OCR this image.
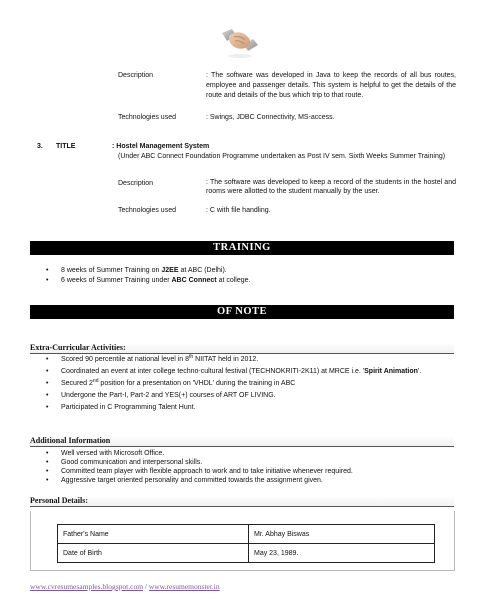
Description	: The software was developed in Java to keep the records of all bus routes, employee and passenger details. This system is helpful to get the details of the route and details of the bus which trip to that route.
Technologies used	: Swings, JDBC Connectivity, MS-access.
3. TITLE	: Hostel Management System
(Under ABC Connect Foundation Programme undertaken as Post IV sem. Sixth Weeks Summer Training)
Description	: The software was developed to keep a record of the students in the hostel and rooms were allotted to the student manually by the user.
Technologies used	: C with file handling.
TRAINING
• 8 weeks of Summer Training on J2EE at ABC (Delhi).
• 6 weeks of Summer Training under ABC Connect at college.
OF NOTE
Extra-Curricular Activities:
• Scored 90 percentile at national level in 8th NIITAT held in 2012.
• Coordinated an event at inter college techno-cultural festival (TECHNOKRITI-2K11) at MRCE i.e. 'Spirit Animation'.
• Secured 2nd position for a presentation on 'VHDL' during the training in ABC
• Undergone the Part-I, Part-2 and YES(+) courses of ART OF LIVING.
• Participated in C Programming Talent Hunt.
Additional Information
• Well versed with Microsoft Office.
• Good communication and interpersonal skills.
• Committed team player with flexible approach to work and to take initiative whenever required.
• Aggressive target oriented personality and committed towards the assignment given.
Personal Details:
Father's Name	Mr. Abhay Biswas
Date of Birth	May 23, 1989.
www.cvresumesamples.blogspot.com / www.resumemonster.in
